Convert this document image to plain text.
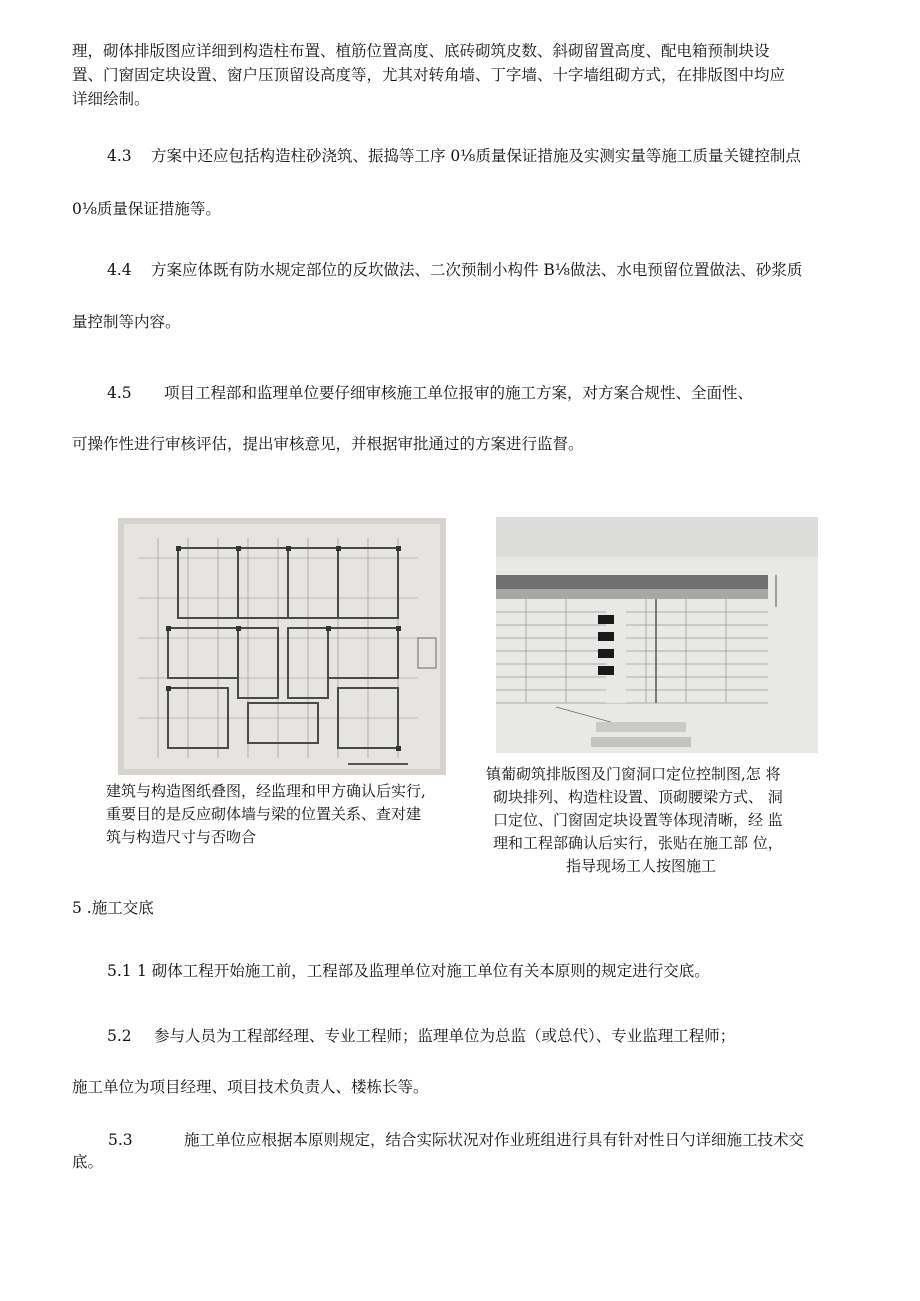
理，砌体排版图应详细到构造柱布置、植筋位置高度、底砖砌筑皮数、斜砌留置高度、配电箱预制块设
置、门窗固定块设置、窗户压顶留设高度等，尤其对转角墙、丁字墙、十字墙组砌方式，在排版图中均应
详细绘制。
4.3 方案中还应包括构造柱砂浇筑、振捣等工序 0⅛质量保证措施及实测实量等施工质量关键控制点
0⅛质量保证措施等。
4.4 方案应体既有防水规定部位的反坎做法、二次预制小构件 B⅛做法、水电预留位置做法、砂浆质
量控制等内容。
4.5 项目工程部和监理单位要仔细审核施工单位报审的施工方案，对方案合规性、全面性、
可操作性进行审核评估，提出审核意见，并根据审批通过的方案进行监督。
建筑与构造图纸叠图，经监理和甲方确认后实行,
重要目的是反应砌体墙与梁的位置关系、查对建
筑与构造尺寸与否吻合
镇葡砌筑排版图及门窗洞口定位控制图,怎 将
砌块排列、构造柱设置、顶砌腰梁方式、 洞
口定位、门窗固定块设置等体现清晰，经 监
理和工程部确认后实行，张贴在施工部 位，
指导现场工人按图施工
5 .施工交底
5.1 1 砌体工程开始施工前，工程部及监理单位对施工单位有关本原则的规定进行交底。
5.2 参与人员为工程部经理、专业工程师；监理单位为总监（或总代）、专业监理工程师；
施工单位为项目经理、项目技术负责人、楼栋长等。
5.3	施工单位应根据本原则规定，结合实际状况对作业班组进行具有针对性日勺详细施工技术交
底。
